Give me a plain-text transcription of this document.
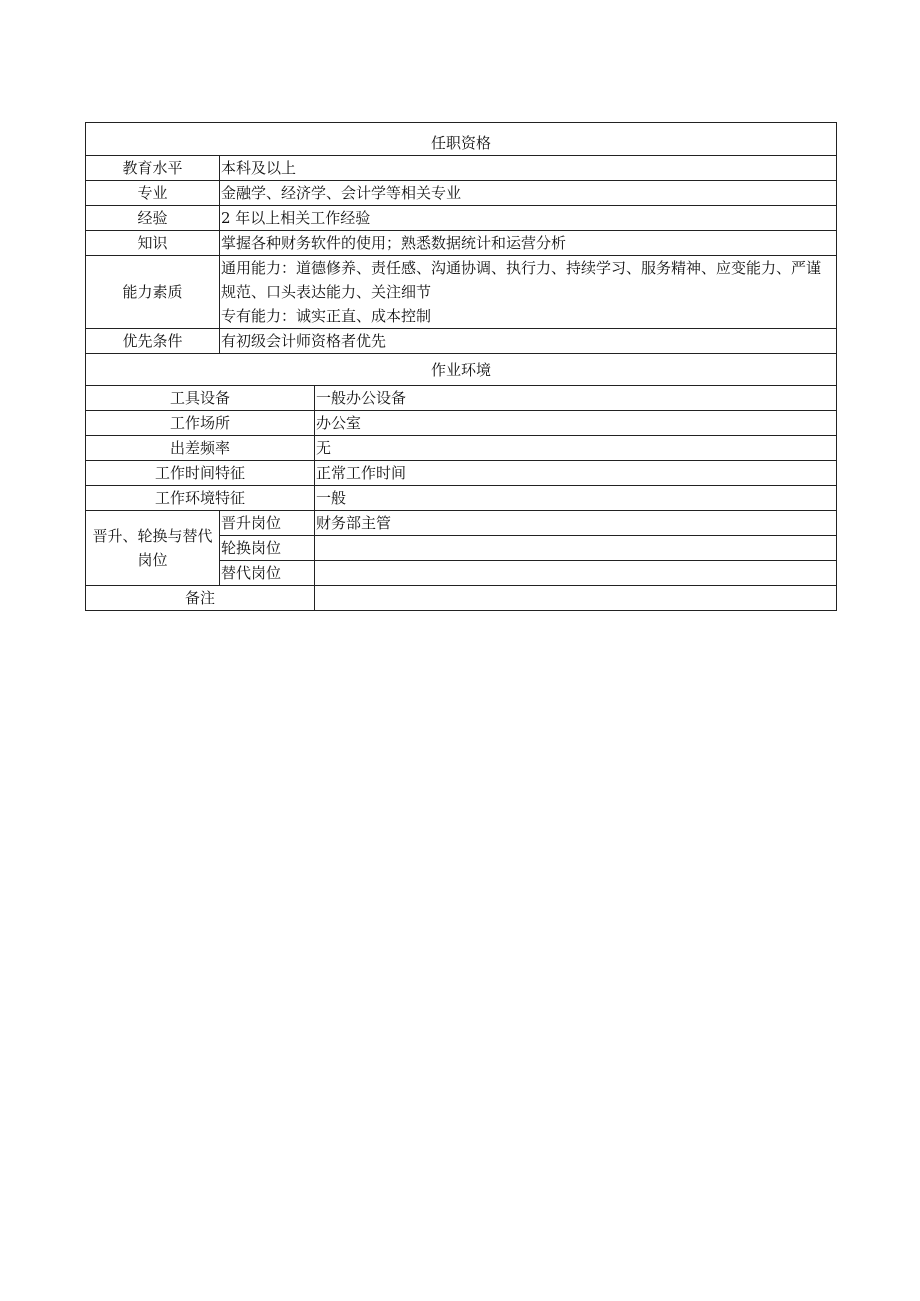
任职资格		
教育水平	本科及以上	
专业	金融学、经济学、会计学等相关专业	
经验	2 年以上相关工作经验	
知识	掌握各种财务软件的使用；熟悉数据统计和运营分析	
能力素质	通用能力：道德修养、责任感、沟通协调、执行力、持续学习、服务精神、应变能力、严谨规范、口头表达能力、关注细节
专有能力：诚实正直、成本控制	

优先条件	有初级会计师资格者优先	
作业环境		
工具设备		一般办公设备
工作场所		办公室
出差频率		无
工作时间特征		正常工作时间
工作环境特征		一般
晋升、轮换与替代岗位	晋升岗位	财务部主管
	轮换岗位	
	替代岗位	
备注		
